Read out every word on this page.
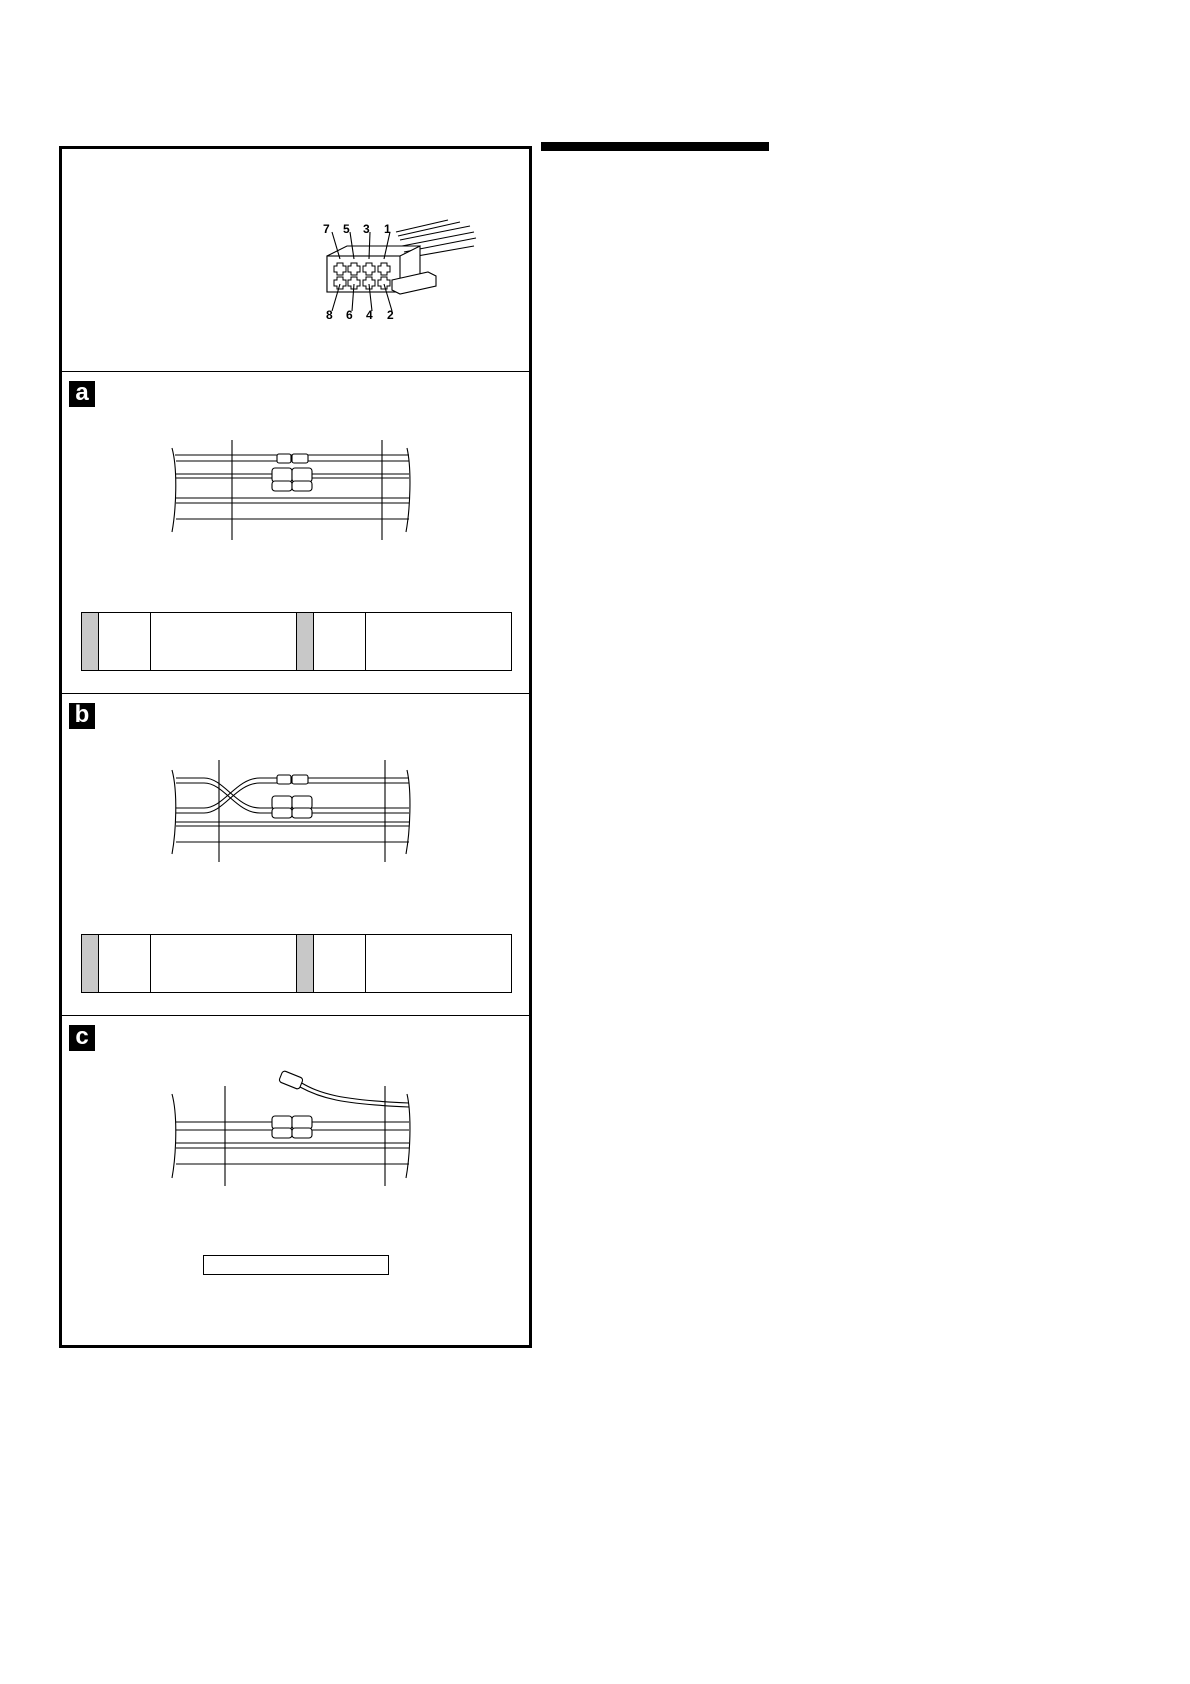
7 5 3 1
8 6 4 2
a
b
c
